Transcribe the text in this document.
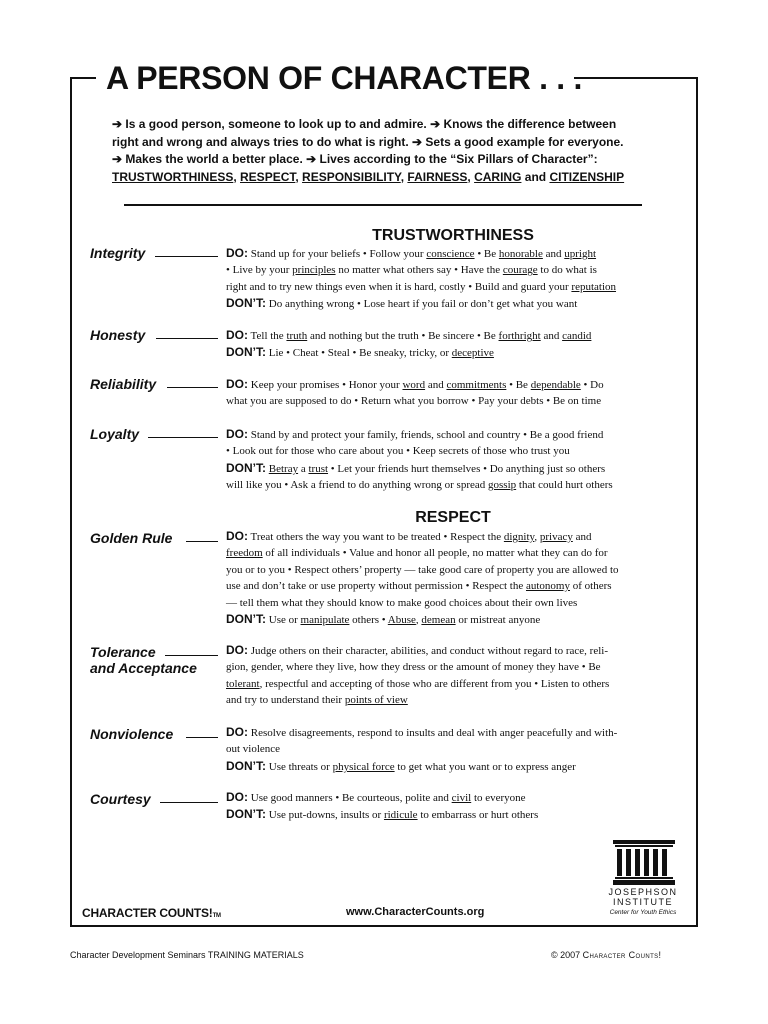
A PERSON OF CHARACTER . . .
➔ Is a good person, someone to look up to and admire. ➔ Knows the difference between
right and wrong and always tries to do what is right. ➔ Sets a good example for everyone.
➔ Makes the world a better place. ➔ Lives according to the “Six Pillars of Character”:
TRUSTWORTHINESS, RESPECT, RESPONSIBILITY, FAIRNESS, CARING and CITIZENSHIP
TRUSTWORTHINESS
RESPECT
Integrity	DO: Stand up for your beliefs • Follow your conscience • Be honorable and upright
• Live by your principles no matter what others say • Have the courage to do what is
right and to try new things even when it is hard, costly • Build and guard your reputation
DON’T: Do anything wrong • Lose heart if you fail or don’t get what you want
Honesty	DO: Tell the truth and nothing but the truth • Be sincere • Be forthright and candid
DON’T: Lie • Cheat • Steal • Be sneaky, tricky, or deceptive
Reliability	DO: Keep your promises • Honor your word and commitments • Be dependable • Do
what you are supposed to do • Return what you borrow • Pay your debts • Be on time
Loyalty	DO: Stand by and protect your family, friends, school and country • Be a good friend
• Look out for those who care about you • Keep secrets of those who trust you
DON’T: Betray a trust • Let your friends hurt themselves • Do anything just so others
will like you • Ask a friend to do anything wrong or spread gossip that could hurt others
Golden Rule	DO: Treat others the way you want to be treated • Respect the dignity, privacy and
freedom of all individuals • Value and honor all people, no matter what they can do for
you or to you • Respect others’ property — take good care of property you are allowed to
use and don’t take or use property without permission • Respect the autonomy of others
— tell them what they should know to make good choices about their own lives
DON’T: Use or manipulate others • Abuse, demean or mistreat anyone
Tolerance
and Acceptance
DO: Judge others on their character, abilities, and conduct without regard to race, reli-
gion, gender, where they live, how they dress or the amount of money they have • Be
tolerant, respectful and accepting of those who are different from you • Listen to others
and try to understand their points of view
Nonviolence	DO: Resolve disagreements, respond to insults and deal with anger peacefully and with-
out violence
DON’T: Use threats or physical force to get what you want or to express anger
Courtesy	DO: Use good manners • Be courteous, polite and civil to everyone
DON’T: Use put-downs, insults or ridicule to embarrass or hurt others
CHARACTER COUNTS!TM	www.CharacterCounts.org
JOSEPHSON
INSTITUTE
Center for Youth Ethics
Character Development Seminars TRAINING MATERIALS	© 2007 Character Counts!
